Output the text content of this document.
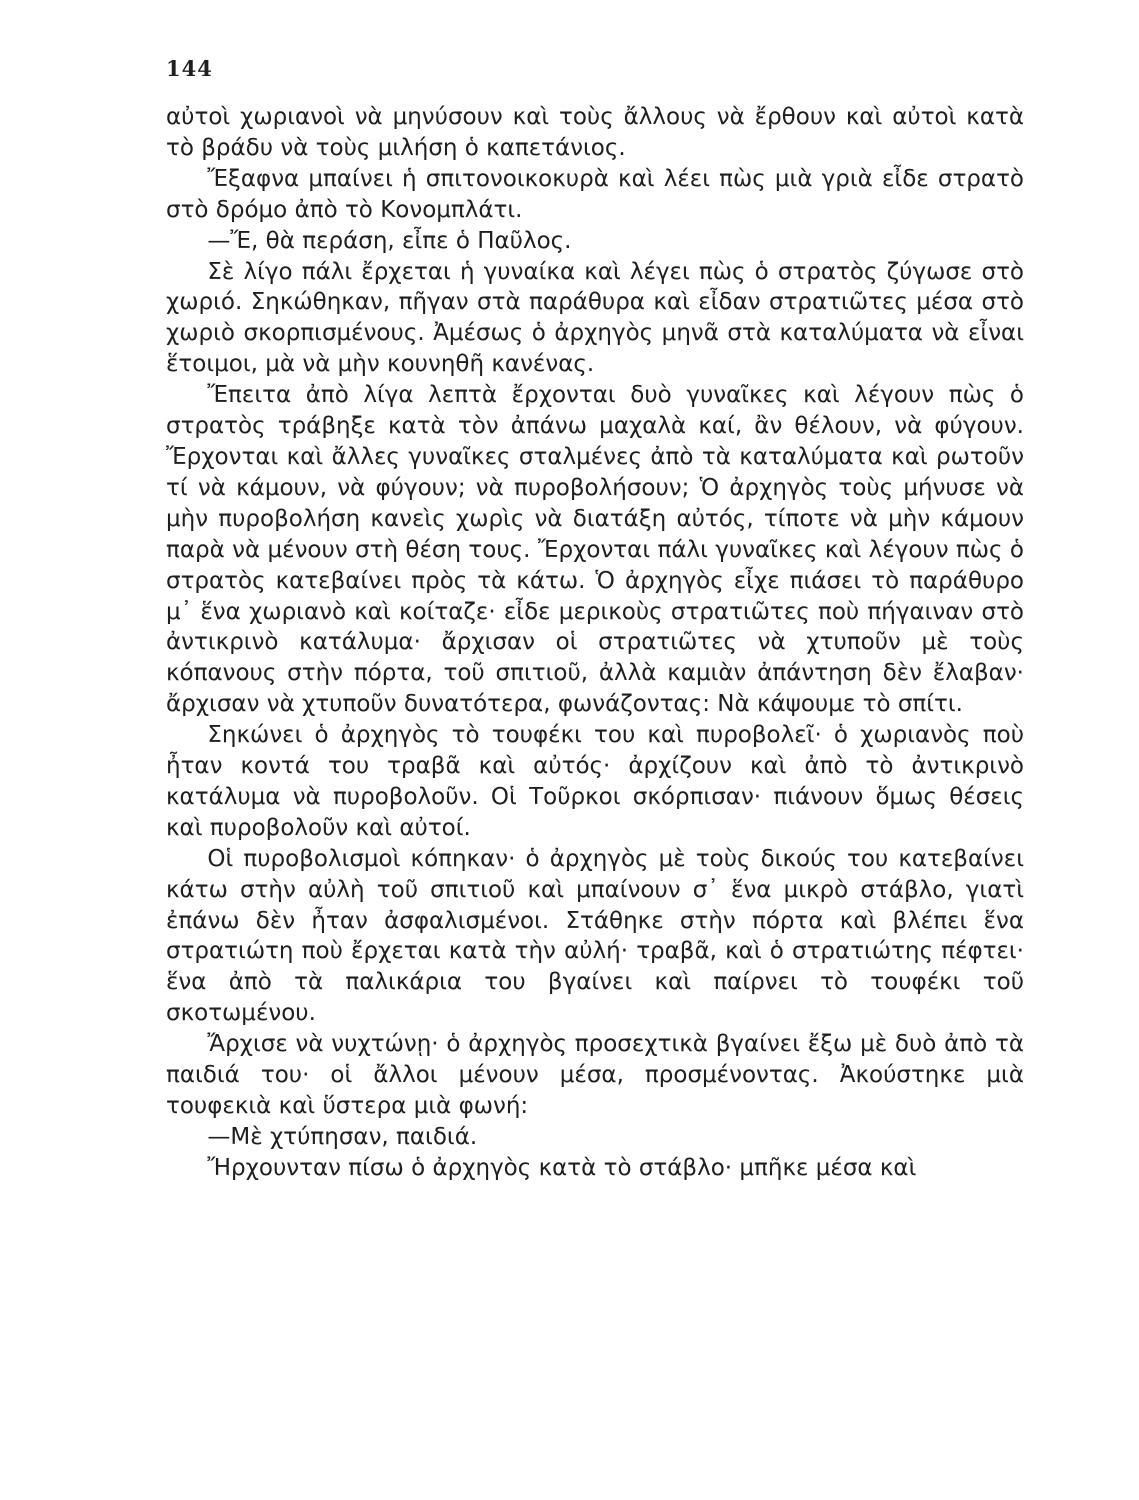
144

αὐτοὶ χωριανοὶ νὰ μηνύσουν καὶ τοὺς ἄλλους νὰ ἔρθουν καὶ αὐτοὶ κατὰ τὸ βράδυ νὰ τοὺς μιλήση ὁ καπετάνιος.

Ἔξαφνα μπαίνει ἡ σπιτονοικοκυρὰ καὶ λέει πὼς μιὰ γριὰ εἶδε στρατὸ στὸ δρόμο ἀπὸ τὸ Κονομπλάτι.

—Ἔ, θὰ περάση, εἶπε ὁ Παῦλος.

Σὲ λίγο πάλι ἔρχεται ἡ γυναίκα καὶ λέγει πὼς ὁ στρατὸς ζύγωσε στὸ χωριό. Σηκώθηκαν, πῆγαν στὰ παράθυρα καὶ εἶδαν στρατιῶτες μέσα στὸ χωριὸ σκορπισμένους. Ἀμέσως ὁ ἀρχηγὸς μηνᾶ στὰ καταλύματα νὰ εἶναι ἕτοιμοι, μὰ νὰ μὴν κουνηθῆ κανένας.

Ἔπειτα ἀπὸ λίγα λεπτὰ ἔρχονται δυὸ γυναῖκες καὶ λέγουν πὼς ὁ στρατὸς τράβηξε κατὰ τὸν ἀπάνω μαχαλὰ καί, ἂν θέλουν, νὰ φύγουν. Ἔρχονται καὶ ἄλλες γυναῖκες σταλμένες ἀπὸ τὰ καταλύματα καὶ ρωτοῦν τί νὰ κάμουν, νὰ φύγουν; νὰ πυροβολήσουν; Ὁ ἀρχηγὸς τοὺς μήνυσε νὰ μὴν πυροβολήση κανεὶς χωρὶς νὰ διατάξη αὐτός, τίποτε νὰ μὴν κάμουν παρὰ νὰ μένουν στὴ θέση τους. Ἔρχονται πάλι γυναῖκες καὶ λέγουν πὼς ὁ στρατὸς κατεβαίνει πρὸς τὰ κάτω. Ὁ ἀρχηγὸς εἶχε πιάσει τὸ παράθυρο μ᾽ ἕνα χωριανὸ καὶ κοίταζε· εἶδε μερικοὺς στρατιῶτες ποὺ πήγαιναν στὸ ἀντικρινὸ κατάλυμα· ἄρχισαν οἱ στρατιῶτες νὰ χτυποῦν μὲ τοὺς κόπανους στὴν πόρτα, τοῦ σπιτιοῦ, ἀλλὰ καμιὰν ἀπάντηση δὲν ἔλαβαν· ἄρχισαν νὰ χτυποῦν δυνατότερα, φωνάζοντας: Νὰ κάψουμε τὸ σπίτι.

Σηκώνει ὁ ἀρχηγὸς τὸ τουφέκι του καὶ πυροβολεῖ· ὁ χωριανὸς ποὺ ἦταν κοντά του τραβᾶ καὶ αὐτός· ἀρχίζουν καὶ ἀπὸ τὸ ἀντικρινὸ κατάλυμα νὰ πυροβολοῦν. Οἱ Τοῦρκοι σκόρπισαν· πιάνουν ὅμως θέσεις καὶ πυροβολοῦν καὶ αὐτοί.

Οἱ πυροβολισμοὶ κόπηκαν· ὁ ἀρχηγὸς μὲ τοὺς δικούς του κατεβαίνει κάτω στὴν αὐλὴ τοῦ σπιτιοῦ καὶ μπαίνουν σ᾽ ἕνα μικρὸ στάβλο, γιατὶ ἐπάνω δὲν ἦταν ἀσφαλισμένοι. Στάθηκε στὴν πόρτα καὶ βλέπει ἕνα στρατιώτη ποὺ ἔρχεται κατὰ τὴν αὐλή· τραβᾶ, καὶ ὁ στρατιώτης πέφτει· ἕνα ἀπὸ τὰ παλικάρια του βγαίνει καὶ παίρνει τὸ τουφέκι τοῦ σκοτωμένου.

Ἄρχισε νὰ νυχτώνῃ· ὁ ἀρχηγὸς προσεχτικὰ βγαίνει ἔξω μὲ δυὸ ἀπὸ τὰ παιδιά του· οἱ ἄλλοι μένουν μέσα, προσμένοντας. Ἀκούστηκε μιὰ τουφεκιὰ καὶ ὕστερα μιὰ φωνή:

—Μὲ χτύπησαν, παιδιά.

Ἤρχουνταν πίσω ὁ ἀρχηγὸς κατὰ τὸ στάβλο· μπῆκε μέσα καὶ
